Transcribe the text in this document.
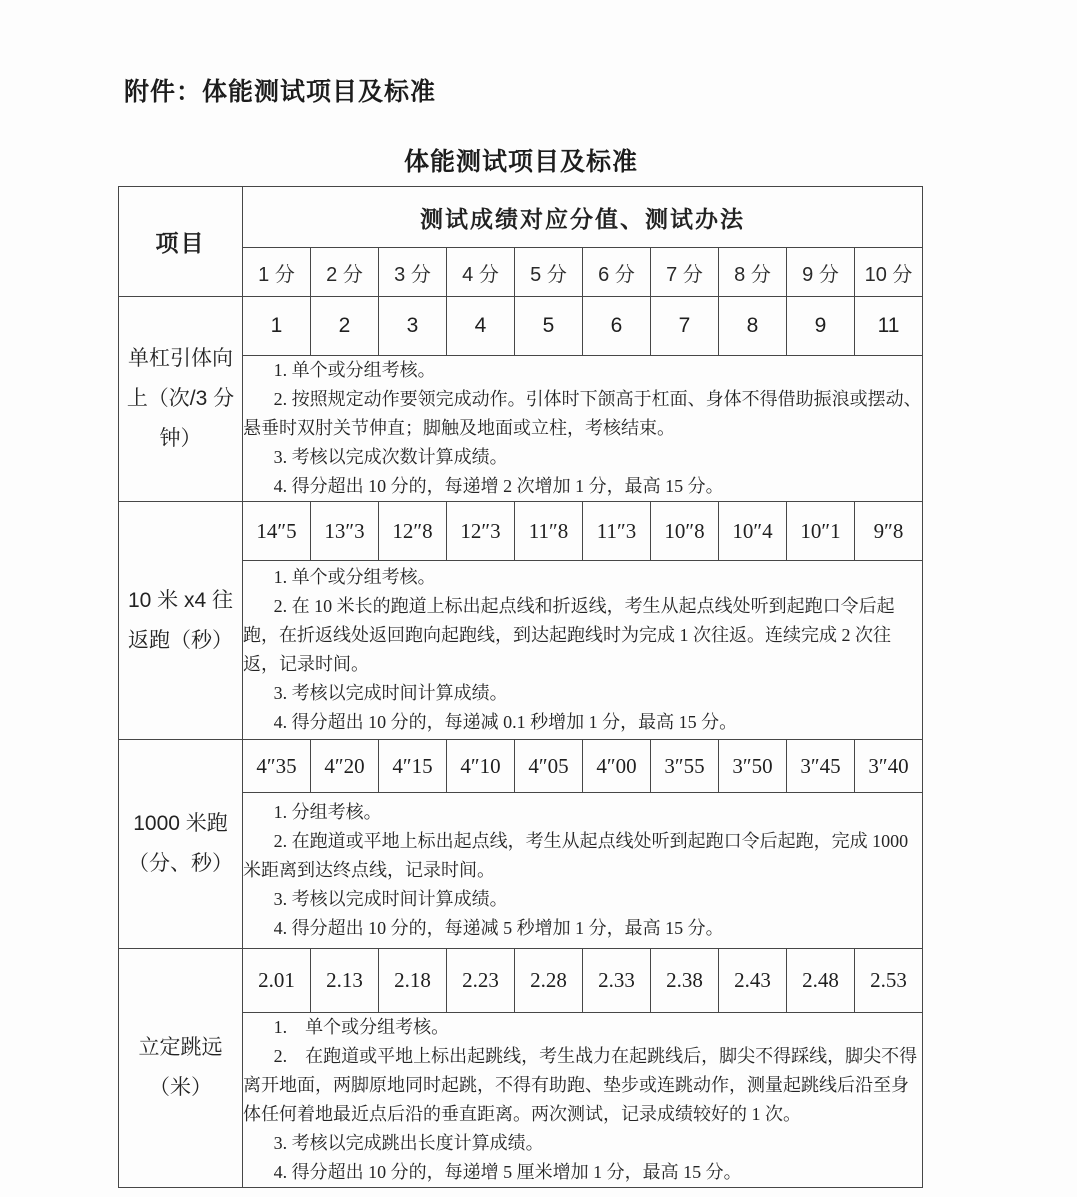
附件：体能测试项目及标准
体能测试项目及标准
项目	测试成绩对应分值、测试办法									
	1 分	2 分	3 分	4 分	5 分	6 分	7 分	8 分	9 分	10 分
单杠引体向上（次/3 分钟）	1	2	3	4	5	6	7	8	9	11

	1. 单个或分组考核。

2. 按照规定动作要领完成动作。引体时下颌高于杠面、身体不得借助振浪或摆动、悬垂时双肘关节伸直；脚触及地面或立柱，考核结束。

3. 考核以完成次数计算成绩。

4. 得分超出 10 分的，每递增 2 次增加 1 分，最高 15 分。									

10 米 x4 往返跑（秒）	14″5	13″3	12″8	12″3	11″8	11″3	10″8	10″4	10″1	9″8

	1. 单个或分组考核。

2. 在 10 米长的跑道上标出起点线和折返线，考生从起点线处听到起跑口令后起跑，在折返线处返回跑向起跑线，到达起跑线时为完成 1 次往返。连续完成 2 次往返，记录时间。

3. 考核以完成时间计算成绩。

4. 得分超出 10 分的，每递减 0.1 秒增加 1 分，最高 15 分。									

1000 米跑（分、秒）	4″35	4″20	4″15	4″10	4″05	4″00	3″55	3″50	3″45	3″40

	1. 分组考核。

2. 在跑道或平地上标出起点线，考生从起点线处听到起跑口令后起跑，完成 1000 米距离到达终点线，记录时间。

3. 考核以完成时间计算成绩。

4. 得分超出 10 分的，每递减 5 秒增加 1 分，最高 15 分。									

立定跳远（米）	2.01	2.13	2.18	2.23	2.28	2.33	2.38	2.43	2.48	2.53

	1.　单个或分组考核。

2.　在跑道或平地上标出起跳线，考生战力在起跳线后，脚尖不得踩线，脚尖不得离开地面，两脚原地同时起跳，不得有助跑、垫步或连跳动作，测量起跳线后沿至身体任何着地最近点后沿的垂直距离。两次测试，记录成绩较好的 1 次。

3. 考核以完成跳出长度计算成绩。

4. 得分超出 10 分的，每递增 5 厘米增加 1 分，最高 15 分。									
